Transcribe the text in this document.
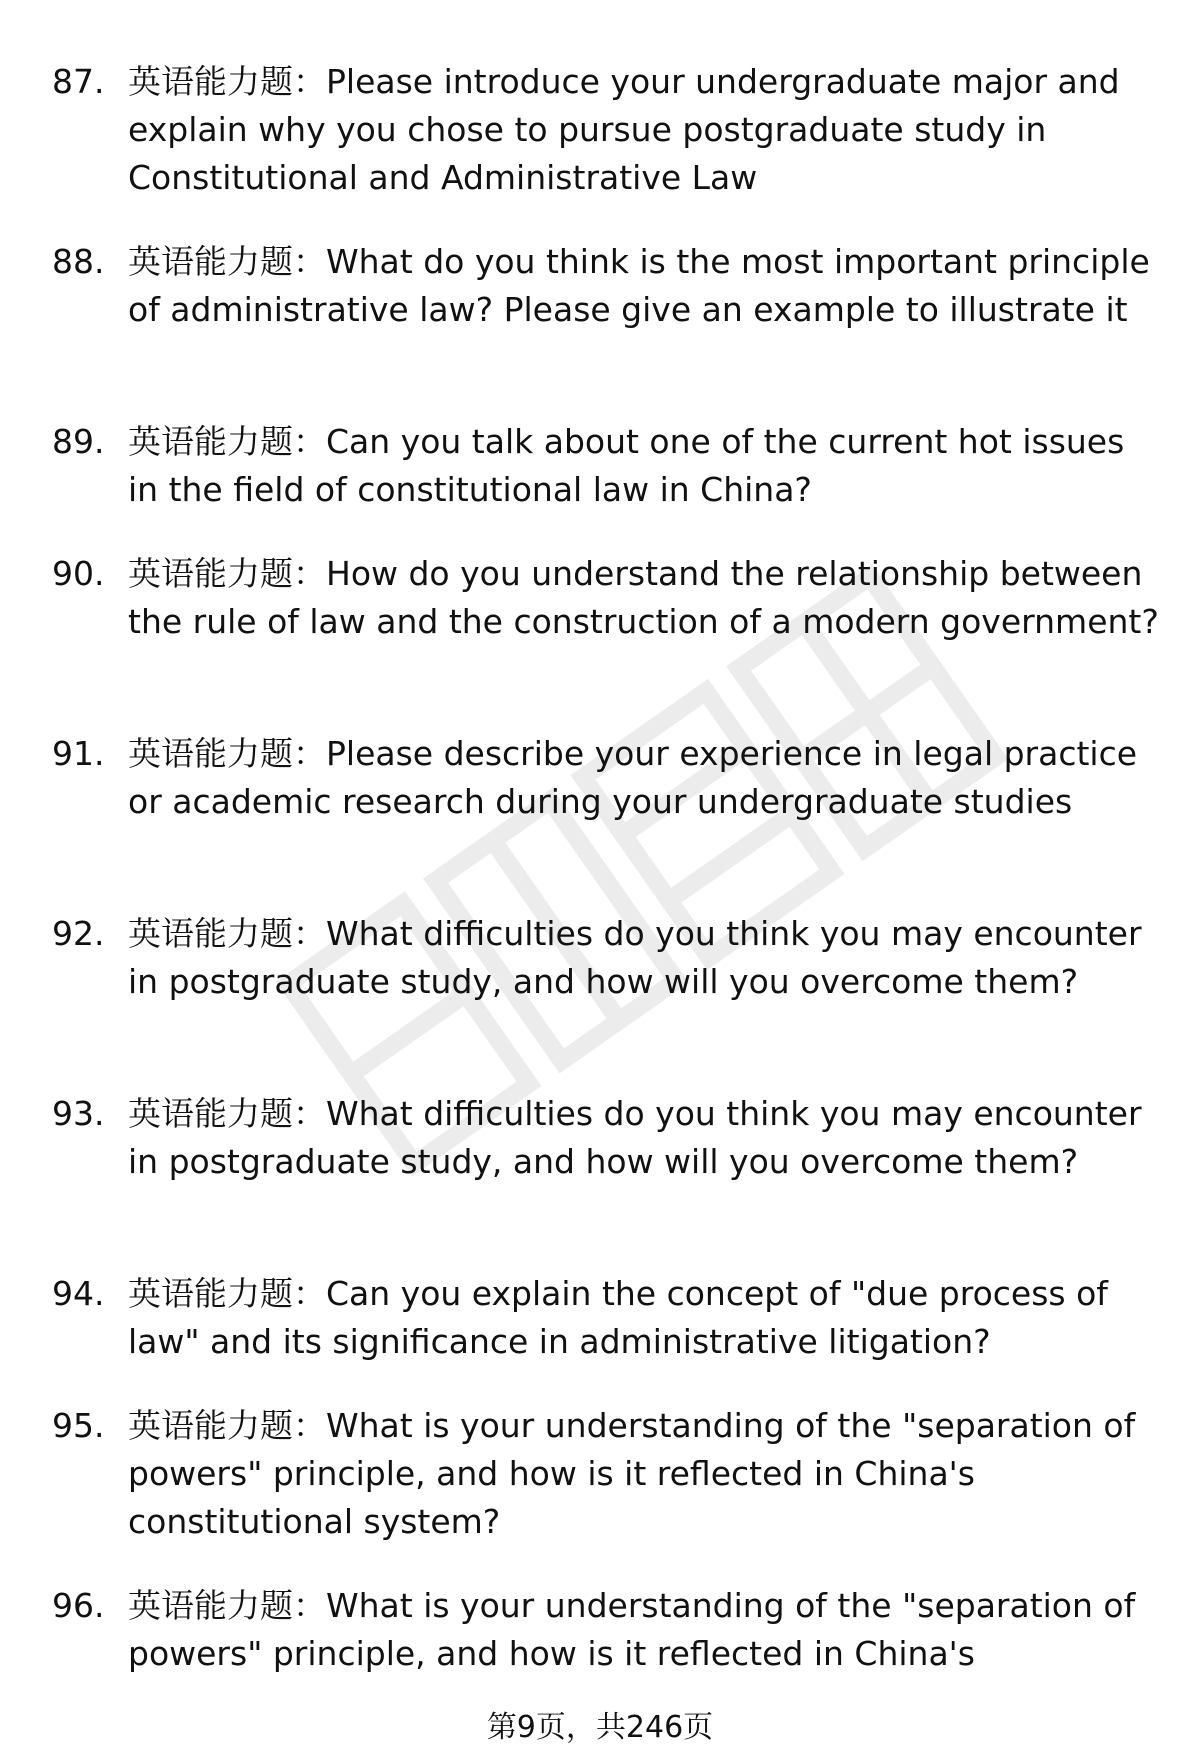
87. 英语能力题：Please introduce your undergraduate major and explain why you chose to pursue postgraduate study in Constitutional and Administrative Law
88. 英语能力题：What do you think is the most important principle of administrative law? Please give an example to illustrate it
89. 英语能力题：Can you talk about one of the current hot issues in the field of constitutional law in China?
90. 英语能力题：How do you understand the relationship between the rule of law and the construction of a modern government?
91. 英语能力题：Please describe your experience in legal practice or academic research during your undergraduate studies
92. 英语能力题：What difficulties do you think you may encounter in postgraduate study, and how will you overcome them?
93. 英语能力题：What difficulties do you think you may encounter in postgraduate study, and how will you overcome them?
94. 英语能力题：Can you explain the concept of "due process of law" and its significance in administrative litigation?
95. 英语能力题：What is your understanding of the "separation of powers" principle, and how is it reflected in China's constitutional system?
96. 英语能力题：What is your understanding of the "separation of powers" principle, and how is it reflected in China's
第9页，共246页
